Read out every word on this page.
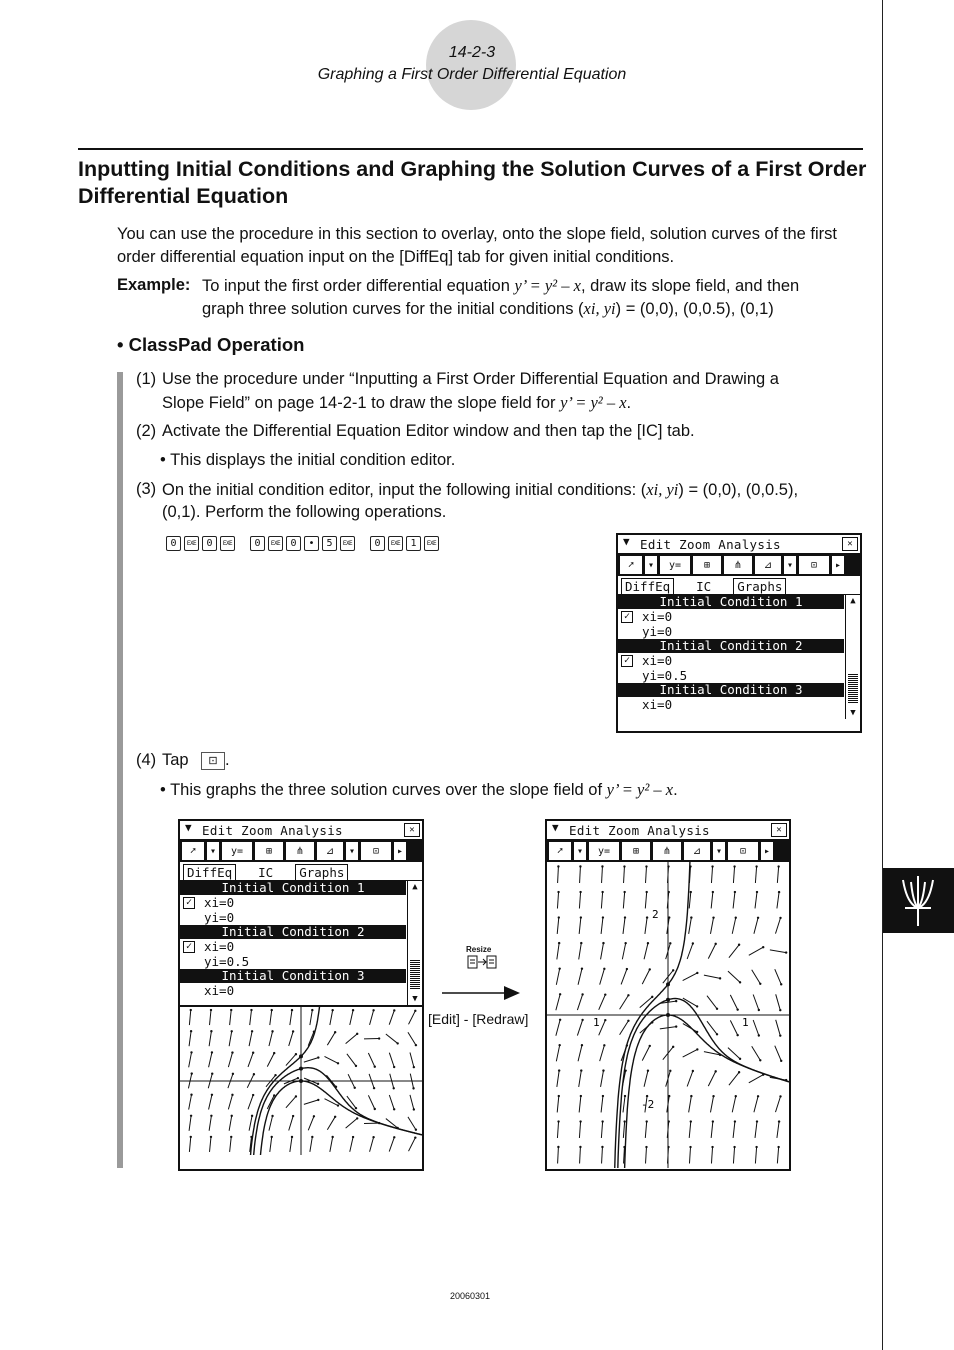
14-2-3
Graphing a First Order Differential Equation
Inputting Initial Conditions and Graphing the Solution Curves of a First Order Differential Equation
You can use the procedure in this section to overlay, onto the slope field, solution curves of the first order differential equation input on the [DiffEq] tab for given initial conditions.
Example: To input the first order differential equation y’ = y² – x, draw its slope field, and then
graph three solution curves for the initial conditions (xi, yi) = (0,0), (0,0.5), (0,1)
• ClassPad Operation
(1) Use the procedure under “Inputting a First Order Differential Equation and Drawing a
Slope Field” on page 14-2-1 to draw the slope field for y’ = y² – x.
(2) Activate the Differential Equation Editor window and then tap the [IC] tab.
• This displays the initial condition editor.
(3) On the initial condition editor, input the following initial conditions: (xi, yi) = (0,0), (0,0.5),
(0,1). Perform the following operations.
0	EXE	0	EXE	0	EXE	0	•	5	EXE	0	EXE	1	EXE	▼ Edit Zoom Analysis	✕
➚	▾	y=	⊞	⋔	⊿	▾	⊡	▸
DiffEq	IC	Graphs
Initial Condition 1
✓ xi=0
yi=0
Initial Condition 2
✓ xi=0
yi=0.5
Initial Condition 3
xi=0
▲
▼
(4) Tap	⊡ .
• This graphs the three solution curves over the slope field of y’ = y² – x.
▼ Edit Zoom Analysis	✕
➚	▾	y=	⊞	⋔	⊿	▾	⊡	▸
DiffEq	IC	Graphs
Initial Condition 1
✓ xi=0
yi=0
Initial Condition 2
✓ xi=0
yi=0.5
Initial Condition 3
xi=0
▲
▼
Resize
[Edit] - [Redraw]
▼ Edit Zoom Analysis	✕
➚	▾	y=	⊞	⋔	⊿	▾	⊡	▸
2
1	1
-2
20060301
